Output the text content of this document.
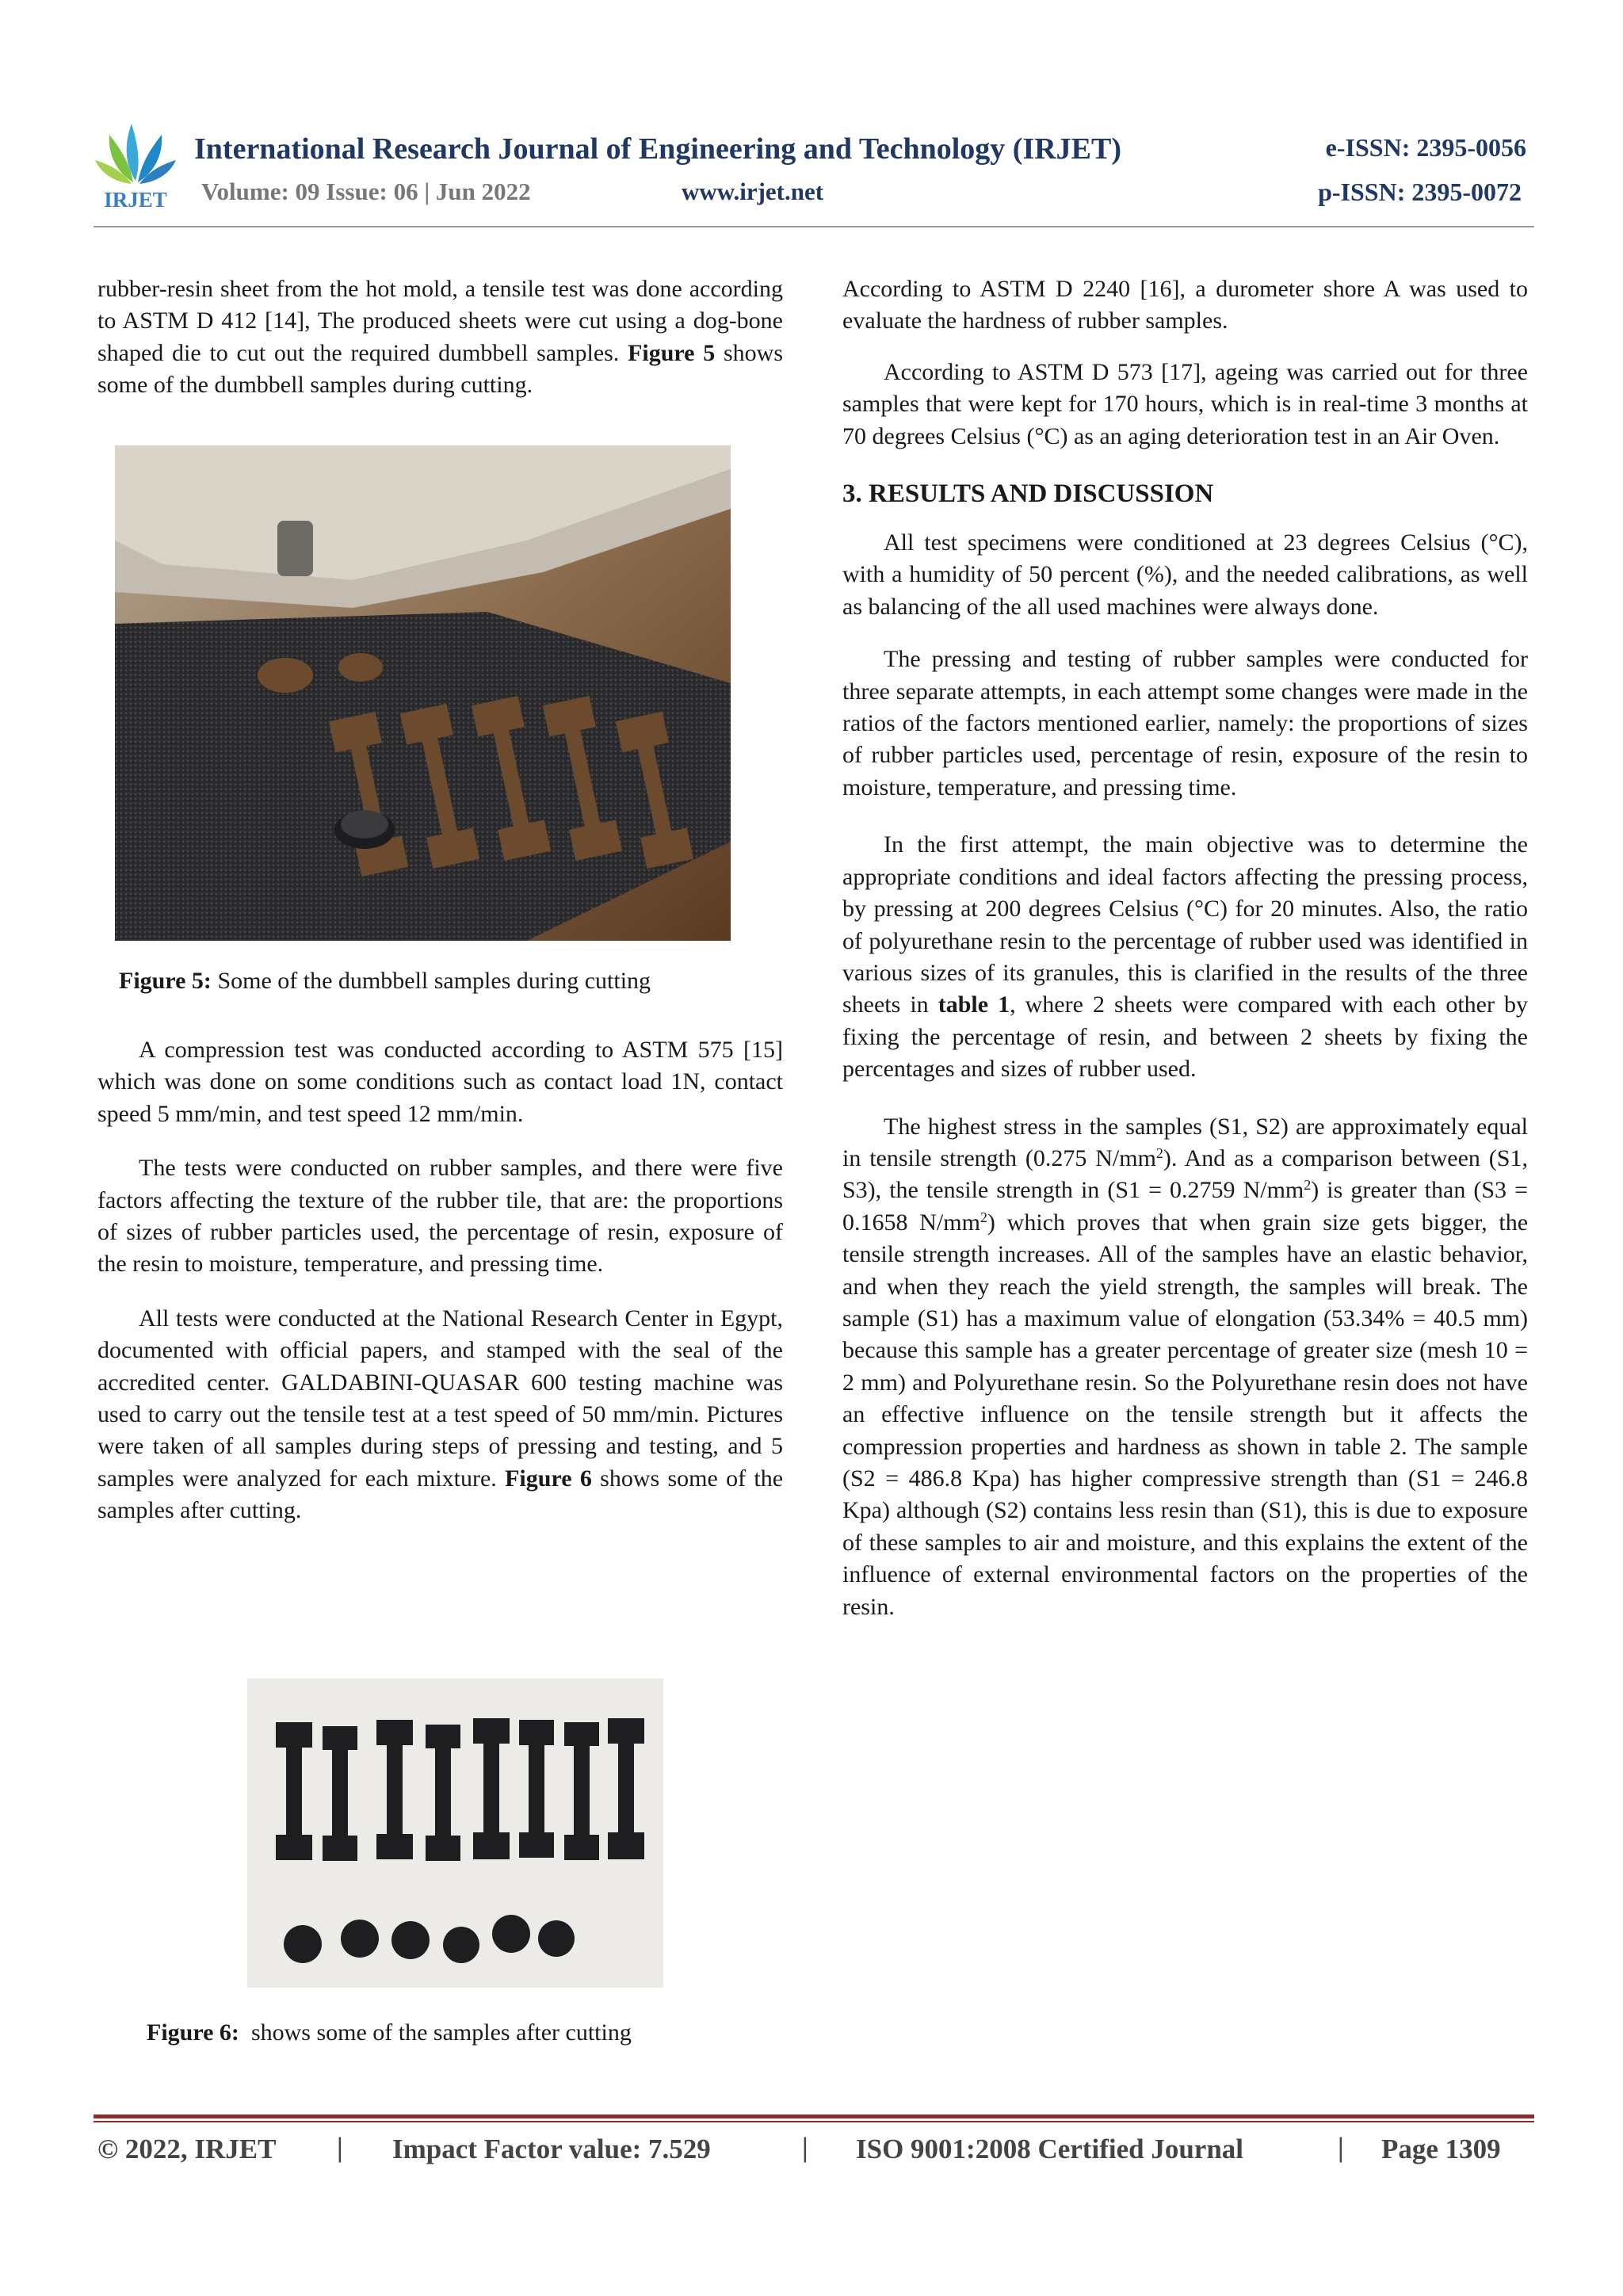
IRJET
International Research Journal of Engineering and Technology (IRJET)	e-ISSN: 2395-0056
Volume: 09 Issue: 06 | Jun 2022	www.irjet.net	p-ISSN: 2395-0072

rubber-resin sheet from the hot mold, a tensile test was done according to ASTM D 412 [14], The produced sheets were cut using a dog-bone shaped die to cut out the required dumbbell samples. Figure 5 shows some of the dumbbell samples during cutting.

Figure 5: Some of the dumbbell samples during cutting

A compression test was conducted according to ASTM 575 [15] which was done on some conditions such as contact load 1N, contact speed 5 mm/min, and test speed 12 mm/min.

The tests were conducted on rubber samples, and there were five factors affecting the texture of the rubber tile, that are: the proportions of sizes of rubber particles used, the percentage of resin, exposure of the resin to moisture, temperature, and pressing time.

All tests were conducted at the National Research Center in Egypt, documented with official papers, and stamped with the seal of the accredited center. GALDABINI-QUASAR 600 testing machine was used to carry out the tensile test at a test speed of 50 mm/min. Pictures were taken of all samples during steps of pressing and testing, and 5 samples were analyzed for each mixture. Figure 6 shows some of the samples after cutting.

Figure 6: shows some of the samples after cutting

According to ASTM D 2240 [16], a durometer shore A was used to evaluate the hardness of rubber samples.

According to ASTM D 573 [17], ageing was carried out for three samples that were kept for 170 hours, which is in real-time 3 months at 70 degrees Celsius (°C) as an aging deterioration test in an Air Oven.

3. RESULTS AND DISCUSSION

All test specimens were conditioned at 23 degrees Celsius (°C), with a humidity of 50 percent (%), and the needed calibrations, as well as balancing of the all used machines were always done.

The pressing and testing of rubber samples were conducted for three separate attempts, in each attempt some changes were made in the ratios of the factors mentioned earlier, namely: the proportions of sizes of rubber particles used, percentage of resin, exposure of the resin to moisture, temperature, and pressing time.

In the first attempt, the main objective was to determine the appropriate conditions and ideal factors affecting the pressing process, by pressing at 200 degrees Celsius (°C) for 20 minutes. Also, the ratio of polyurethane resin to the percentage of rubber used was identified in various sizes of its granules, this is clarified in the results of the three sheets in table 1, where 2 sheets were compared with each other by fixing the percentage of resin, and between 2 sheets by fixing the percentages and sizes of rubber used.

The highest stress in the samples (S1, S2) are approximately equal in tensile strength (0.275 $N/mm^2$). And as a comparison between (S1, S3), the tensile strength in (S1 = 0.2759 $N/mm^2$) is greater than (S3 = 0.1658 $N/mm^2$) which proves that when grain size gets bigger, the tensile strength increases. All of the samples have an elastic behavior, and when they reach the yield strength, the samples will break. The sample (S1) has a maximum value of elongation (53.34% = 40.5 mm) because this sample has a greater percentage of greater size (mesh 10 = 2 mm) and Polyurethane resin. So the Polyurethane resin does not have an effective influence on the tensile strength but it affects the compression properties and hardness as shown in table 2. The sample (S2 = 486.8 Kpa) has higher compressive strength than (S1 = 246.8 Kpa) although (S2) contains less resin than (S1), this is due to exposure of these samples to air and moisture, and this explains the extent of the influence of external environmental factors on the properties of the resin.

© 2022, IRJET | Impact Factor value: 7.529	| ISO 9001:2008 Certified Journal	| Page 1309
